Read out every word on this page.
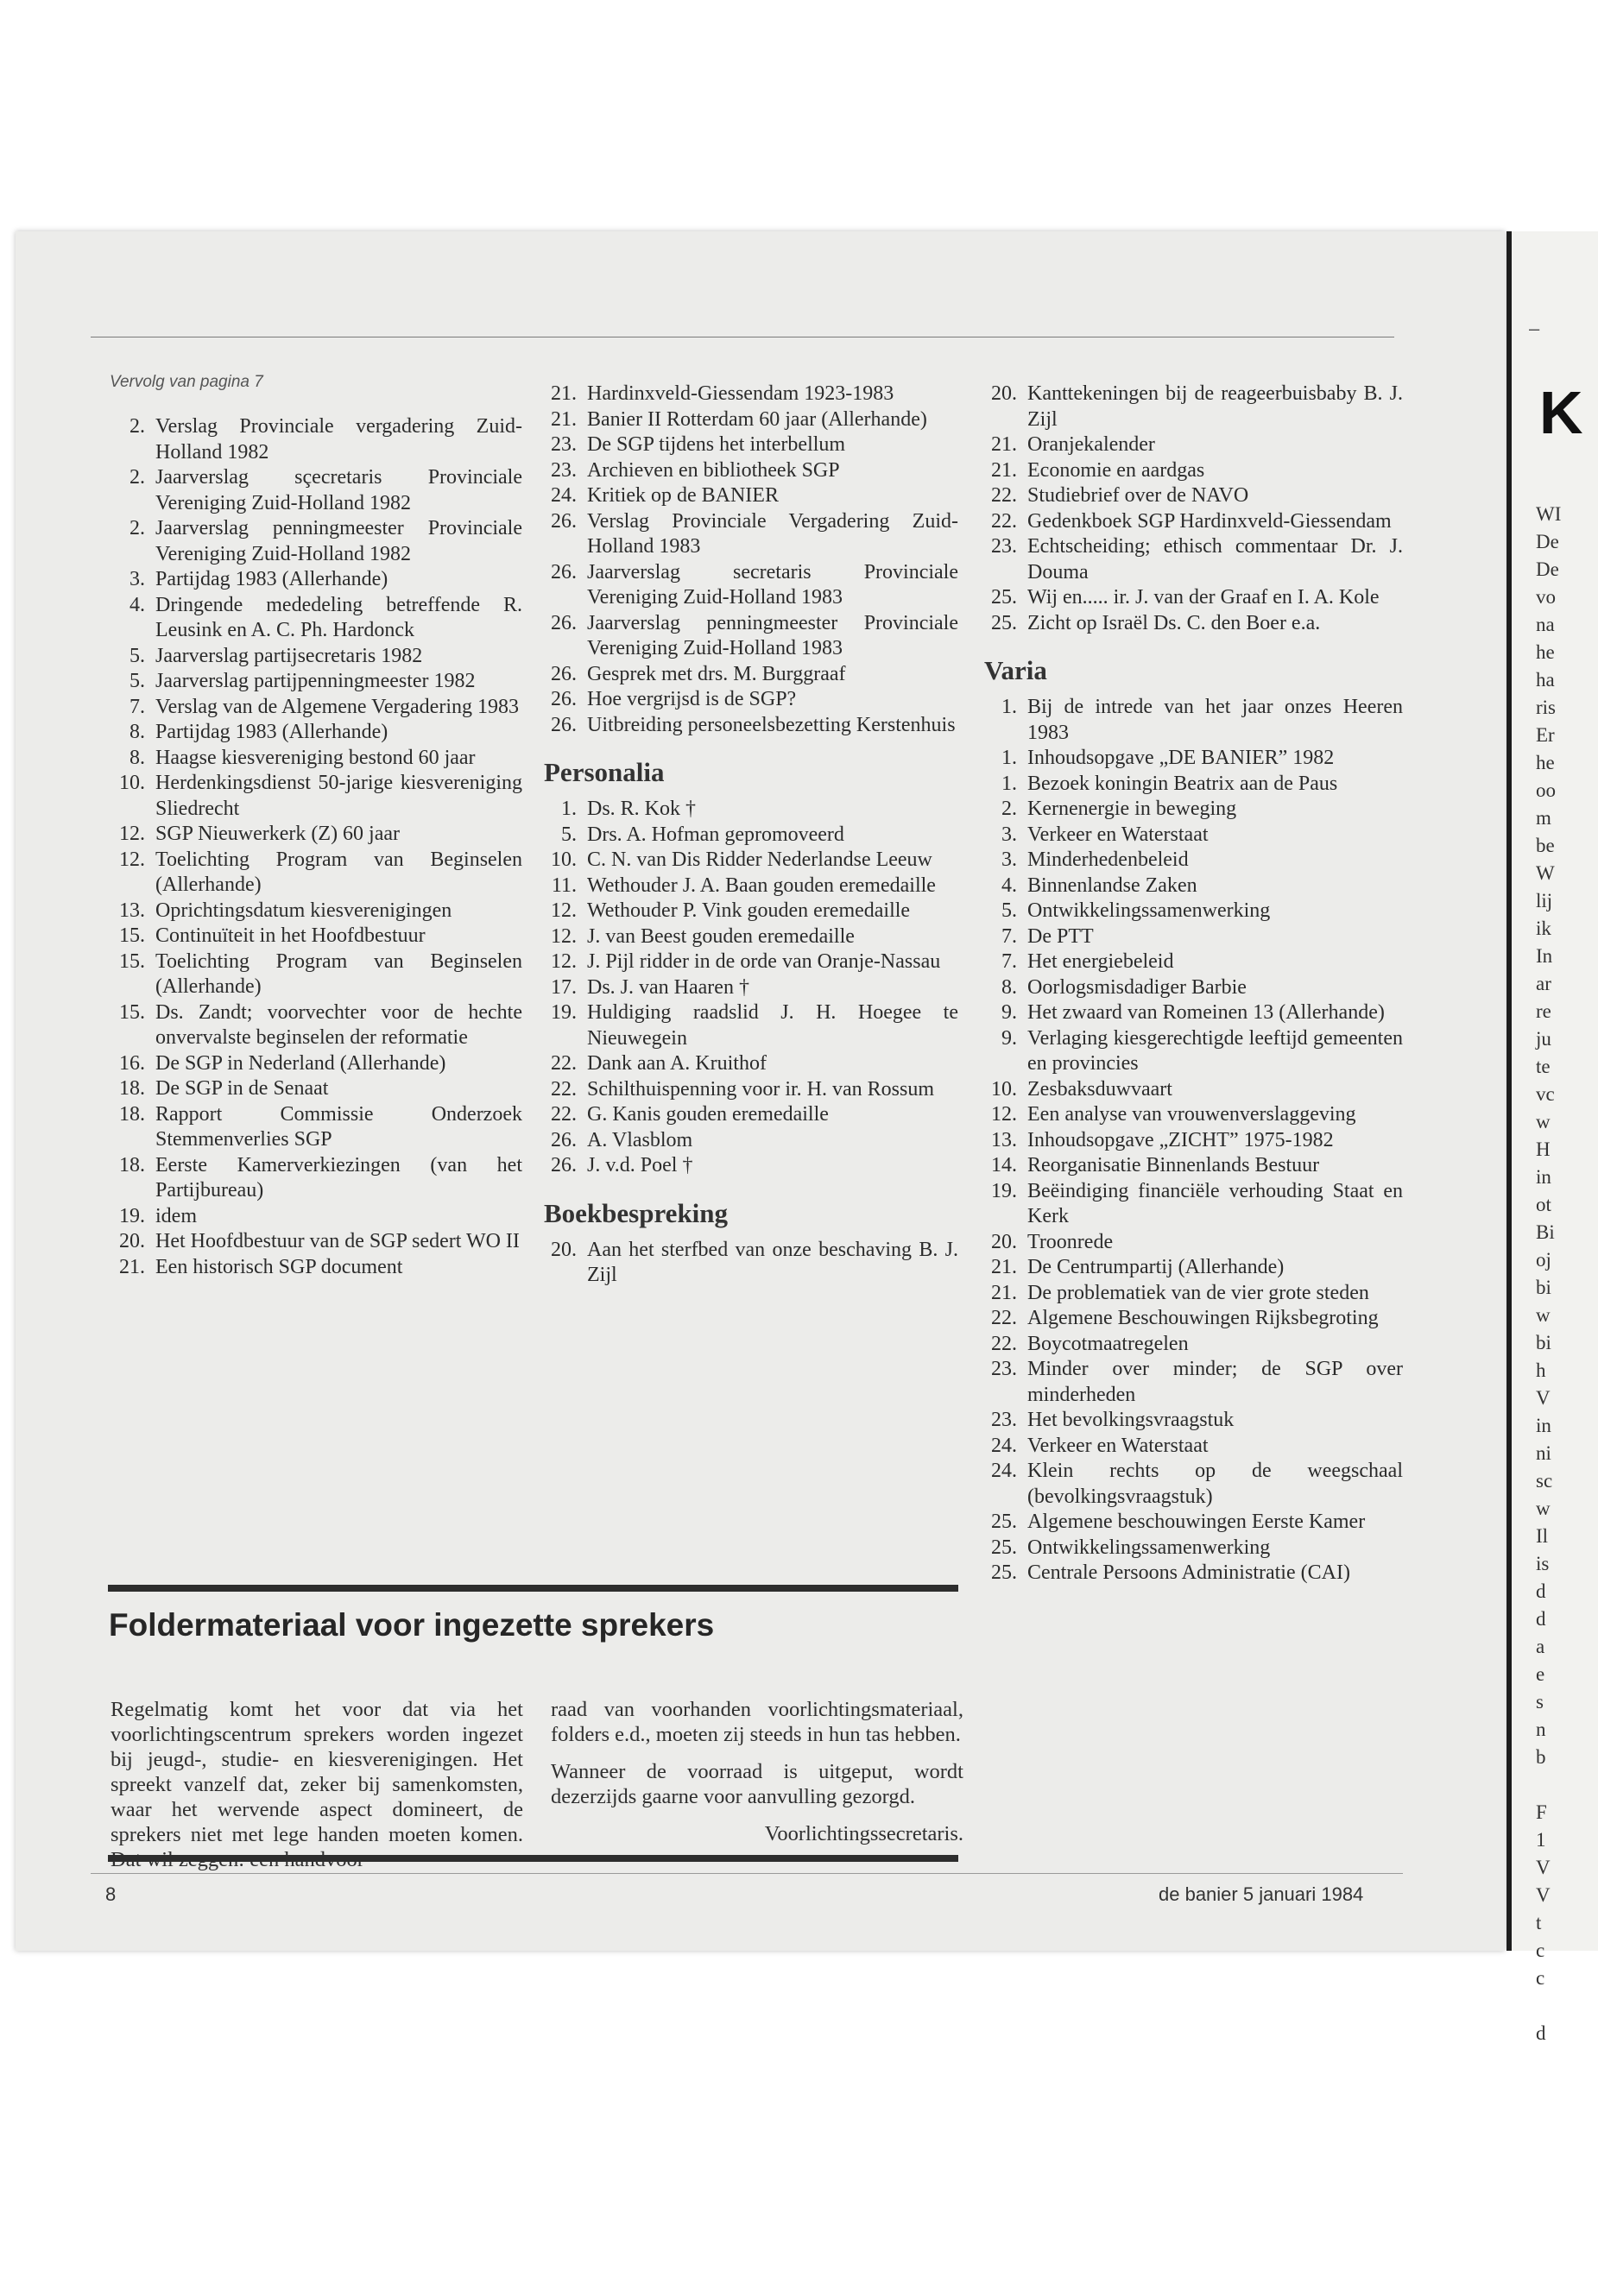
–
K
WI
De
De
vo
na
he
ha
ris
Er
he
oo
m
be
W
lij
ik
In
ar
re
ju
te
vc
w
H
in
ot
Bi
oj
bi
w
bi
h
V
in
ni
sc
w
Il
is
d
d
a
e
s
n
b
F
1
V
V
t
c
c
d
Vervolg van pagina 7
2. Verslag Provinciale vergadering Zuid-Holland 1982
2. Jaarverslag sçecretaris Provinciale Vereniging Zuid-Holland 1982
2. Jaarverslag penningmeester Provinciale Vereniging Zuid-Holland 1982
3. Partijdag 1983 (Allerhande)
4. Dringende mededeling betreffende R. Leusink en A. C. Ph. Hardonck
5. Jaarverslag partijsecretaris 1982
5. Jaarverslag partijpenningmeester 1982
7. Verslag van de Algemene Vergadering 1983
8. Partijdag 1983 (Allerhande)
8. Haagse kiesvereniging bestond 60 jaar
10. Herdenkingsdienst 50-jarige kiesvereniging Sliedrecht
12. SGP Nieuwerkerk (Z) 60 jaar
12. Toelichting Program van Beginselen (Allerhande)
13. Oprichtingsdatum kiesverenigingen
15. Continuïteit in het Hoofdbestuur
15. Toelichting Program van Beginselen (Allerhande)
15. Ds. Zandt; voorvechter voor de hechte onvervalste beginselen der reformatie
16. De SGP in Nederland (Allerhande)
18. De SGP in de Senaat
18. Rapport Commissie Onderzoek Stemmenverlies SGP
18. Eerste Kamerverkiezingen (van het Partijbureau)
19. idem
20. Het Hoofdbestuur van de SGP sedert WO II
21. Een historisch SGP document
21. Hardinxveld-Giessendam 1923-1983
21. Banier II Rotterdam 60 jaar (Allerhande)
23. De SGP tijdens het interbellum
23. Archieven en bibliotheek SGP
24. Kritiek op de BANIER
26. Verslag Provinciale Vergadering Zuid-Holland 1983
26. Jaarverslag secretaris Provinciale Vereniging Zuid-Holland 1983
26. Jaarverslag penningmeester Provinciale Vereniging Zuid-Holland 1983
26. Gesprek met drs. M. Burggraaf
26. Hoe vergrijsd is de SGP?
26. Uitbreiding personeelsbezetting Kerstenhuis
Personalia
1. Ds. R. Kok †
5. Drs. A. Hofman gepromoveerd
10. C. N. van Dis Ridder Nederlandse Leeuw
11. Wethouder J. A. Baan gouden eremedaille
12. Wethouder P. Vink gouden eremedaille
12. J. van Beest gouden eremedaille
12. J. Pijl ridder in de orde van Oranje-Nassau
17. Ds. J. van Haaren †
19. Huldiging raadslid J. H. Hoegee te Nieuwegein
22. Dank aan A. Kruithof
22. Schilthuispenning voor ir. H. van Rossum
22. G. Kanis gouden eremedaille
26. A. Vlasblom
26. J. v.d. Poel †
Boekbespreking
20. Aan het sterfbed van onze beschaving B. J. Zijl
20. Kanttekeningen bij de reageerbuisbaby B. J. Zijl
21. Oranjekalender
21. Economie en aardgas
22. Studiebrief over de NAVO
22. Gedenkboek SGP Hardinxveld-Giessendam
23. Echtscheiding; ethisch commentaar Dr. J. Douma
25. Wij en..... ir. J. van der Graaf en I. A. Kole
25. Zicht op Israël Ds. C. den Boer e.a.
Varia
1. Bij de intrede van het jaar onzes Heeren 1983
1. Inhoudsopgave „DE BANIER” 1982
1. Bezoek koningin Beatrix aan de Paus
2. Kernenergie in beweging
3. Verkeer en Waterstaat
3. Minderhedenbeleid
4. Binnenlandse Zaken
5. Ontwikkelingssamenwerking
7. De PTT
7. Het energiebeleid
8. Oorlogsmisdadiger Barbie
9. Het zwaard van Romeinen 13 (Allerhande)
9. Verlaging kiesgerechtigde leeftijd gemeenten en provincies
10. Zesbaksduwvaart
12. Een analyse van vrouwenverslaggeving
13. Inhoudsopgave „ZICHT” 1975-1982
14. Reorganisatie Binnenlands Bestuur
19. Beëindiging financiële verhouding Staat en Kerk
20. Troonrede
21. De Centrumpartij (Allerhande)
21. De problematiek van de vier grote steden
22. Algemene Beschouwingen Rijksbegroting
22. Boycotmaatregelen
23. Minder over minder; de SGP over minderheden
23. Het bevolkingsvraagstuk
24. Verkeer en Waterstaat
24. Klein rechts op de weegschaal (bevolkingsvraagstuk)
25. Algemene beschouwingen Eerste Kamer
25. Ontwikkelingssamenwerking
25. Centrale Persoons Administratie (CAI)
Foldermateriaal voor ingezette sprekers
Regelmatig komt het voor dat via het voorlichtingscentrum sprekers worden ingezet bij jeugd-, studie- en kiesverenigingen. Het spreekt vanzelf dat, zeker bij samenkomsten, waar het wervende aspect domineert, de sprekers niet met lege handen moeten komen.

raad van voorhanden voorlichtingsmateriaal, folders e.d., moeten zij steeds in hun tas hebben.

Wanneer de voorraad is uitgeput, wordt dezerzijds gaarne voor aanvulling gezorgd.

Voorlichtingssecretaris.

8	de banier 5 januari 1984
